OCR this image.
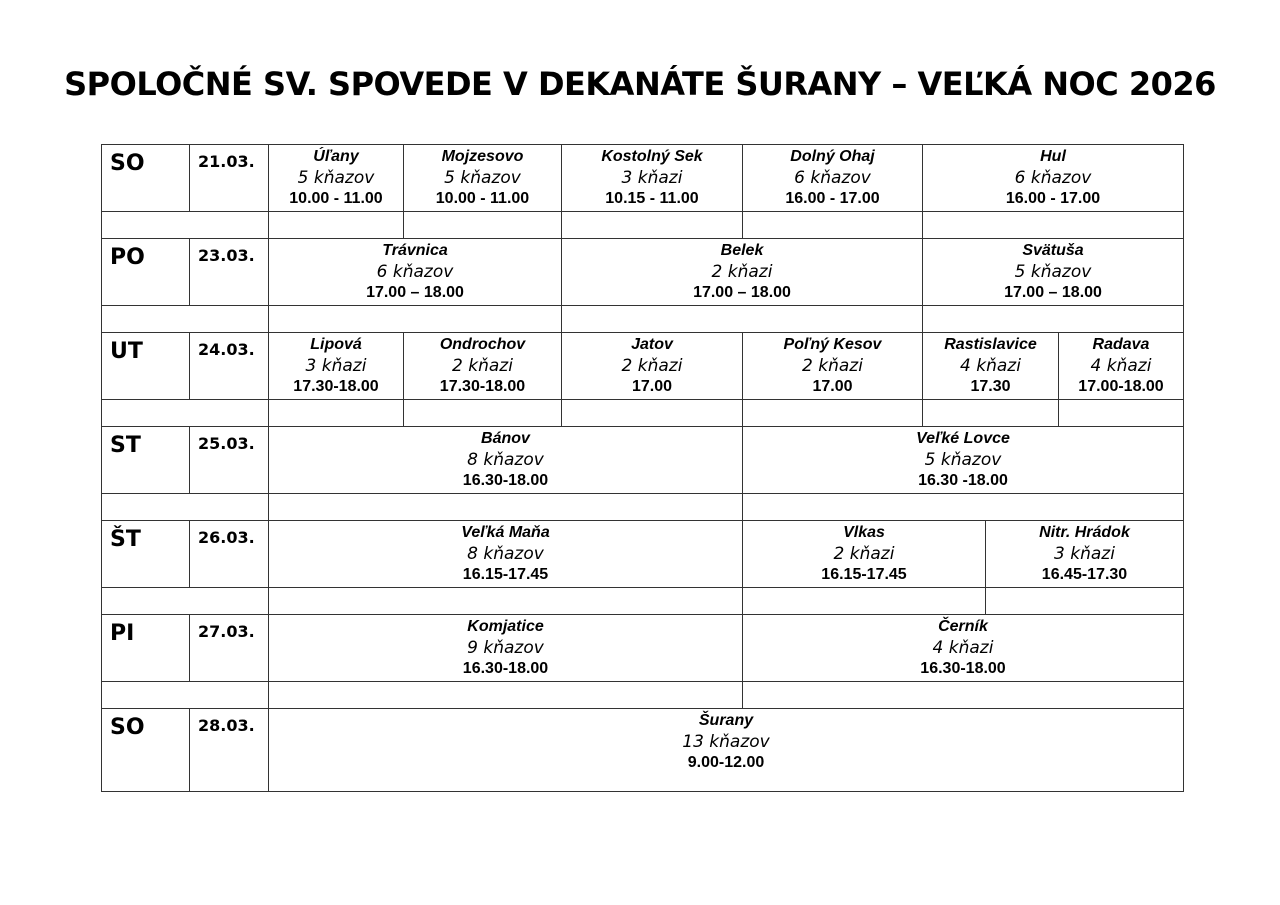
SPOLOČNÉ SV. SPOVEDE V DEKANÁTE ŠURANY – VEĽKÁ NOC 2026
SO	21.03.	Úľany
5 kňazov
10.00 - 11.00	Mojzesovo
5 kňazov
10.00 - 11.00	Kostolný Sek
3 kňazi
10.15 - 11.00	Dolný Ohaj
6 kňazov
16.00 - 17.00	Hul
6 kňazov
16.00 - 17.00		

PO	23.03.	Trávnica
6 kňazov
17.00 – 18.00		Belek
2 kňazi
17.00 – 18.00		Svätuša
5 kňazov
17.00 – 18.00		

UT	24.03.	Lipová
3 kňazi
17.30-18.00	Ondrochov
2 kňazi
17.30-18.00	Jatov
2 kňazi
17.00	Poľný Kesov
2 kňazi
17.00	Rastislavice
4 kňazi
17.30		Radava
4 kňazi
17.00-18.00

ST	25.03.	Bánov
8 kňazov
16.30-18.00			Veľké Lovce
5 kňazov
16.30 -18.00			

ŠT	26.03.	Veľká Maňa
8 kňazov
16.15-17.45			Vlkas
2 kňazi
16.15-17.45		Nitr. Hrádok
3 kňazi
16.45-17.30	

PI	27.03.	Komjatice
9 kňazov
16.30-18.00			Černík
4 kňazi
16.30-18.00			

SO	28.03.	Šurany
13 kňazov
9.00-12.00						
